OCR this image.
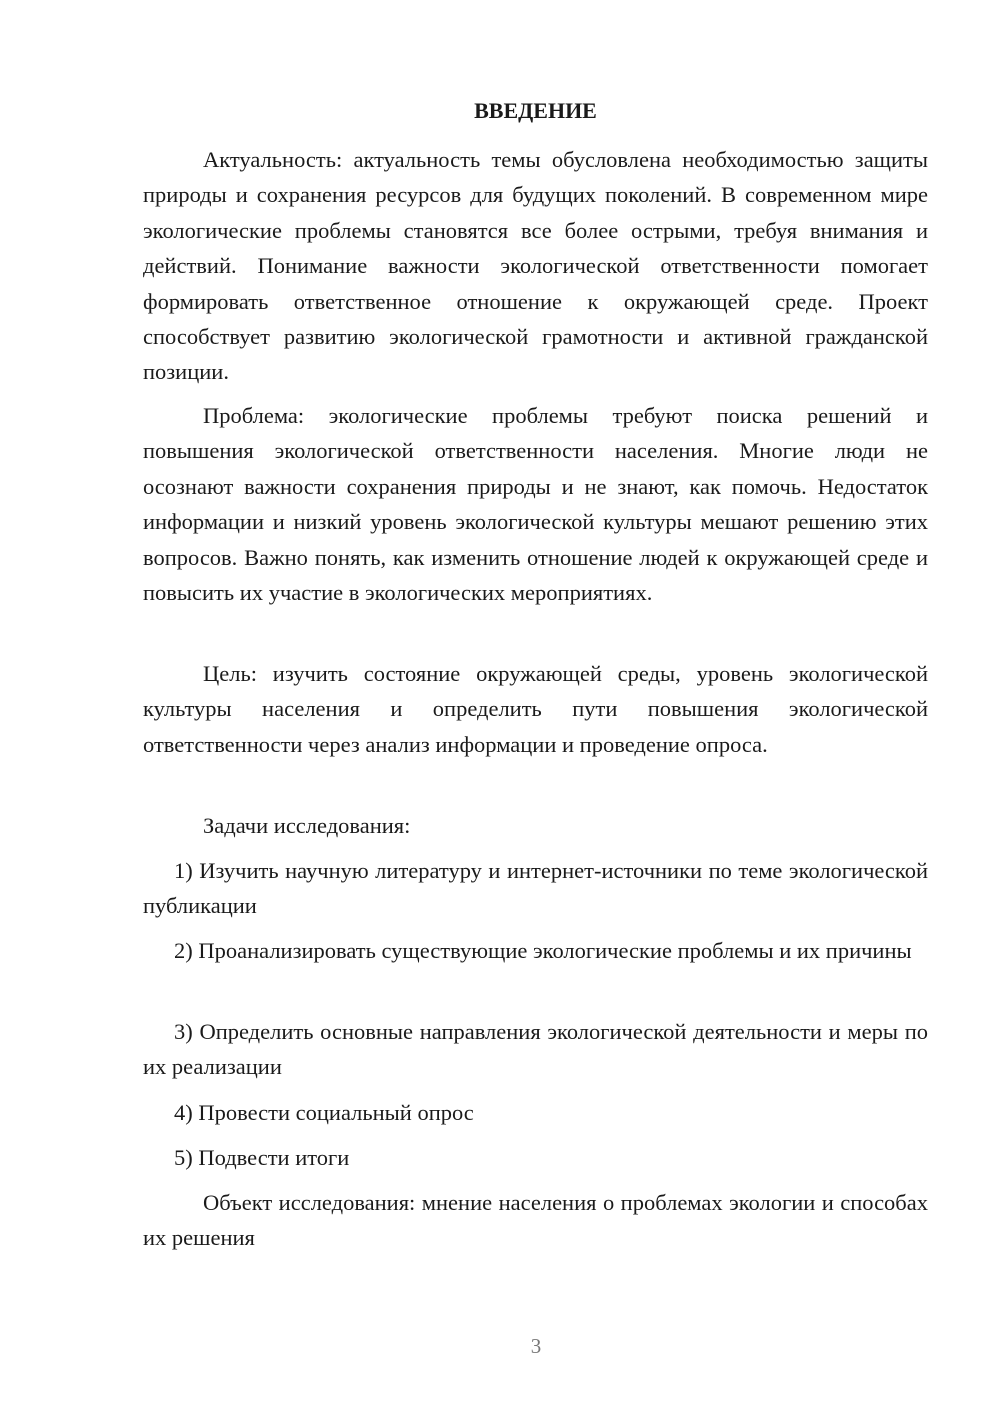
ВВЕДЕНИЕ

Актуальность: актуальность темы обусловлена необходимостью защиты природы и сохранения ресурсов для будущих поколений. В современном мире экологические проблемы становятся все более острыми, требуя внимания и действий. Понимание важности экологической ответственности помогает формировать ответственное отношение к окружающей среде. Проект способствует развитию экологической грамотности и активной гражданской позиции.

Проблема: экологические проблемы требуют поиска решений и повышения экологической ответственности населения. Многие люди не осознают важности сохранения природы и не знают, как помочь. Недостаток информации и низкий уровень экологической культуры мешают решению этих вопросов. Важно понять, как изменить отношение людей к окружающей среде и повысить их участие в экологических мероприятиях.

Цель: изучить состояние окружающей среды, уровень экологической культуры населения и определить пути повышения экологической ответственности через анализ информации и проведение опроса.

Задачи исследования:

1) Изучить научную литературу и интернет-источники по теме экологической публикации

2) Проанализировать существующие экологические проблемы и их причины

3) Определить основные направления экологической деятельности и меры по их реализации

4) Провести социальный опрос

5) Подвести итоги

Объект исследования: мнение населения о проблемах экологии и способах их решения

3
